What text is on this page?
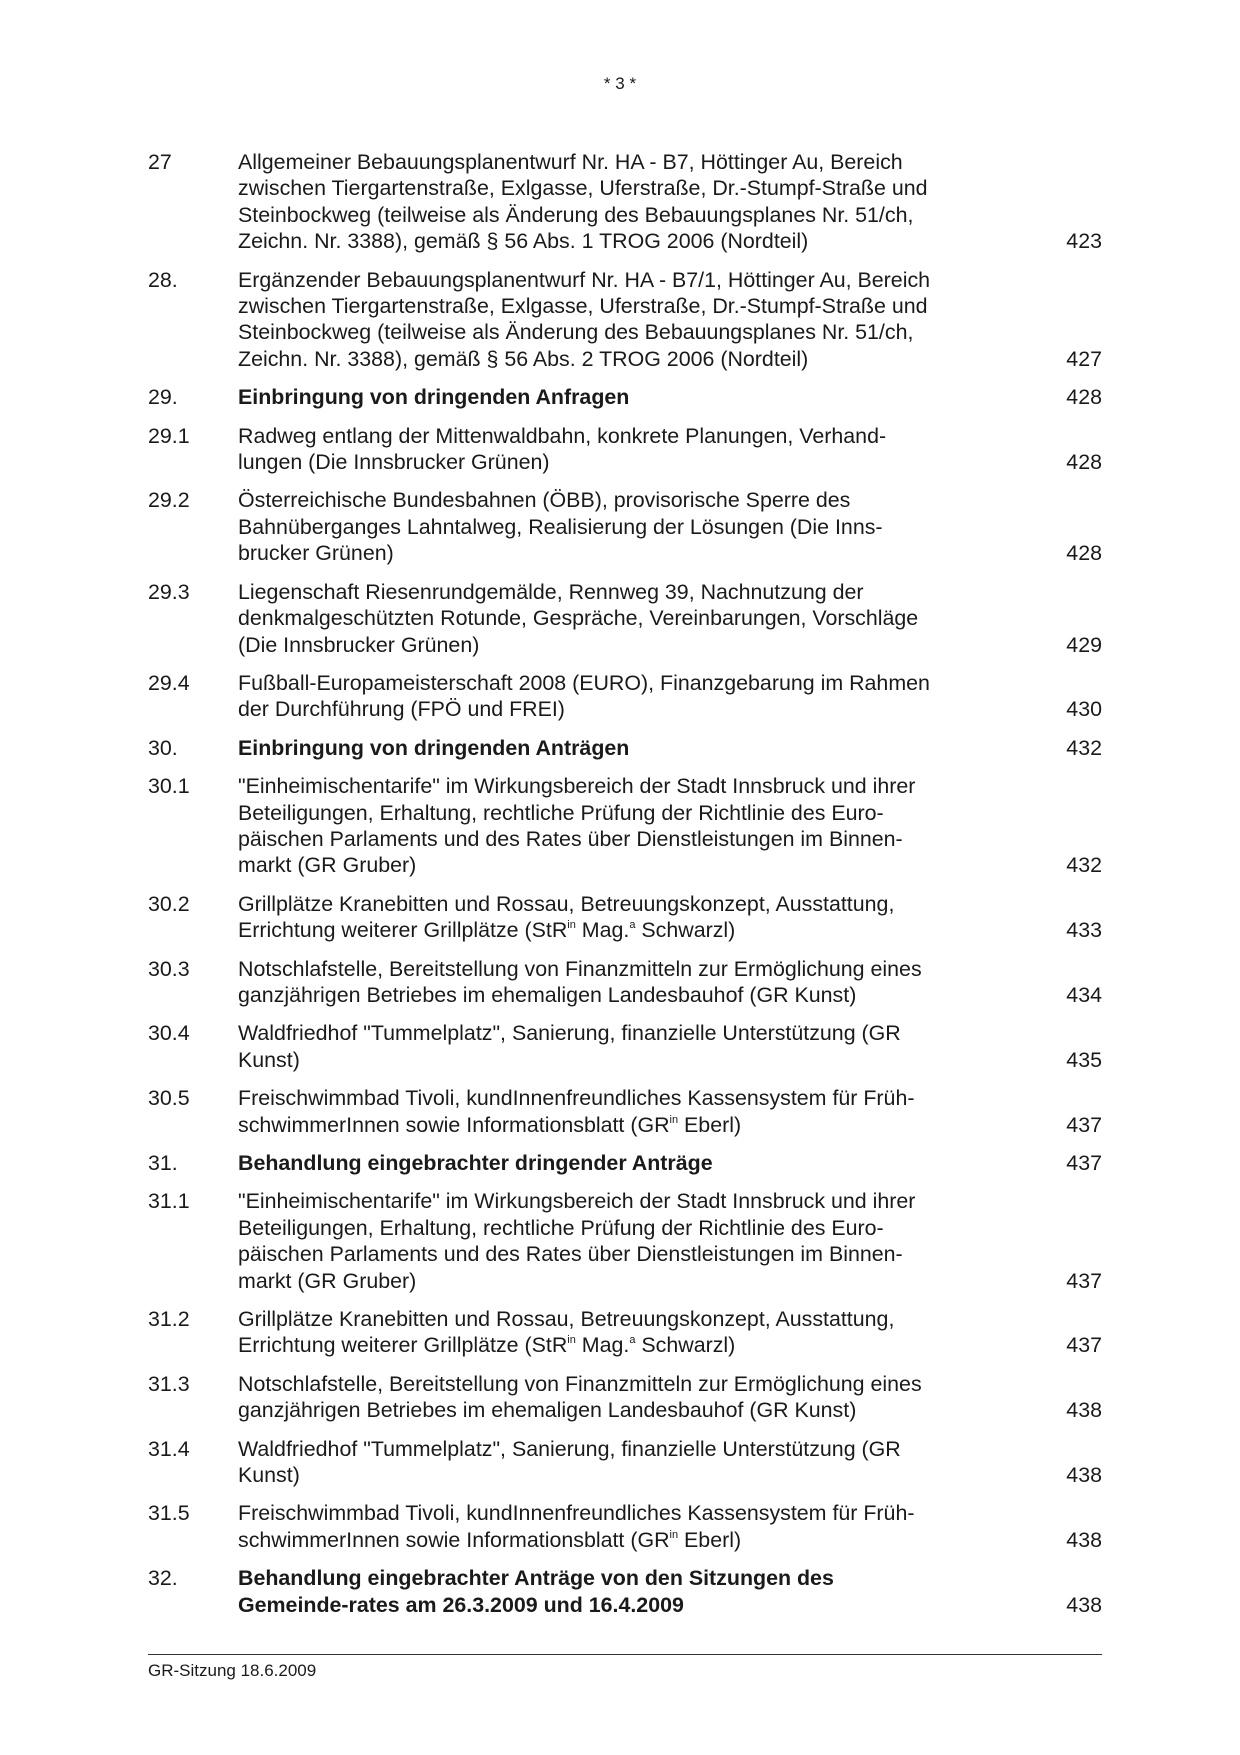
* 3 *
27	Allgemeiner Bebauungsplanentwurf Nr. HA - B7, Höttinger Au, Bereich
zwischen Tiergartenstraße, Exlgasse, Uferstraße, Dr.-Stumpf-Straße und
Steinbockweg (teilweise als Änderung des Bebauungsplanes Nr. 51/ch,
Zeichn. Nr. 3388), gemäß § 56 Abs. 1 TROG 2006 (Nordteil)	423
28.	Ergänzender Bebauungsplanentwurf Nr. HA - B7/1, Höttinger Au, Bereich
zwischen Tiergartenstraße, Exlgasse, Uferstraße, Dr.-Stumpf-Straße und
Steinbockweg (teilweise als Änderung des Bebauungsplanes Nr. 51/ch,
Zeichn. Nr. 3388), gemäß § 56 Abs. 2 TROG 2006 (Nordteil)	427
29.	Einbringung von dringenden Anfragen	428
29.1	Radweg entlang der Mittenwaldbahn, konkrete Planungen, Verhand-
lungen (Die Innsbrucker Grünen)	428
29.2	Österreichische Bundesbahnen (ÖBB), provisorische Sperre des
Bahnüberganges Lahntalweg, Realisierung der Lösungen (Die Inns-
brucker Grünen)	428
29.3	Liegenschaft Riesenrundgemälde, Rennweg 39, Nachnutzung der
denkmalgeschützten Rotunde, Gespräche, Vereinbarungen, Vorschläge
(Die Innsbrucker Grünen)	429
29.4	Fußball-Europameisterschaft 2008 (EURO), Finanzgebarung im Rahmen
der Durchführung (FPÖ und FREI)	430
30.	Einbringung von dringenden Anträgen	432
30.1	"Einheimischentarife" im Wirkungsbereich der Stadt Innsbruck und ihrer
Beteiligungen, Erhaltung, rechtliche Prüfung der Richtlinie des Euro-
päischen Parlaments und des Rates über Dienstleistungen im Binnen-
markt (GR Gruber)	432
30.2	Grillplätze Kranebitten und Rossau, Betreuungskonzept, Ausstattung,
Errichtung weiterer Grillplätze (StR$^{in}$ Mag.$^a$ Schwarzl)	433
30.3	Notschlafstelle, Bereitstellung von Finanzmitteln zur Ermöglichung eines
ganzjährigen Betriebes im ehemaligen Landesbauhof (GR Kunst)	434
30.4	Waldfriedhof "Tummelplatz", Sanierung, finanzielle Unterstützung (GR
Kunst)	435
30.5	Freischwimmbad Tivoli, kundInnenfreundliches Kassensystem für Früh-
schwimmerInnen sowie Informationsblatt ($GR^{in}$ Eberl)	437
31.	Behandlung eingebrachter dringender Anträge	437
31.1	"Einheimischentarife" im Wirkungsbereich der Stadt Innsbruck und ihrer
Beteiligungen, Erhaltung, rechtliche Prüfung der Richtlinie des Euro-
päischen Parlaments und des Rates über Dienstleistungen im Binnen-
markt (GR Gruber)	437
31.2	Grillplätze Kranebitten und Rossau, Betreuungskonzept, Ausstattung,
Errichtung weiterer Grillplätze (StR$^{in}$ Mag.$^a$ Schwarzl)	437
31.3	Notschlafstelle, Bereitstellung von Finanzmitteln zur Ermöglichung eines
ganzjährigen Betriebes im ehemaligen Landesbauhof (GR Kunst)	438
31.4	Waldfriedhof "Tummelplatz", Sanierung, finanzielle Unterstützung (GR
Kunst)	438
31.5	Freischwimmbad Tivoli, kundInnenfreundliches Kassensystem für Früh-
schwimmerInnen sowie Informationsblatt ($GR^{in}$ Eberl)	438
32.	Behandlung eingebrachter Anträge von den Sitzungen des
Gemeinde-rates am 26.3.2009 und 16.4.2009	438
GR-Sitzung 18.6.2009
